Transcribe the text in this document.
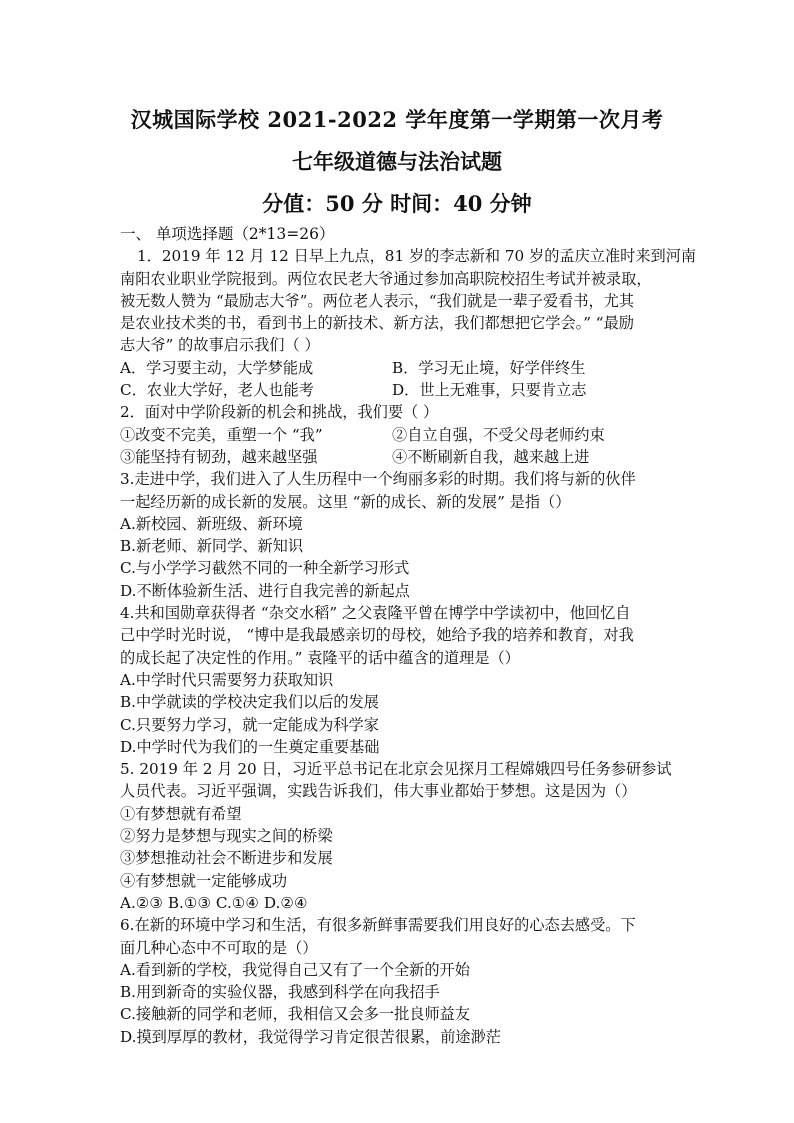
汉城国际学校 2021-2022 学年度第一学期第一次月考
七年级道德与法治试题
分值：50 分 时间：40 分钟
一、 单项选择题（2*13=26）
1．2019 年 12 月 12 日早上九点，81 岁的李志新和 70 岁的孟庆立准时来到河南
南阳农业职业学院报到。两位农民老大爷通过参加高职院校招生考试并被录取，
被无数人赞为 “最励志大爷”。两位老人表示，“我们就是一辈子爱看书，尤其
是农业技术类的书，看到书上的新技术、新方法，我们都想把它学会。” “最励
志大爷” 的故事启示我们（ ）
A．学习要主动，大学梦能成	B．学习无止境，好学伴终生
C．农业大学好，老人也能考	D．世上无难事，只要肯立志
2．面对中学阶段新的机会和挑战，我们要（ ）
①改变不完美，重塑一个 “我”	②自立自强，不受父母老师约束
③能坚持有韧劲，越来越坚强	④不断刷新自我，越来越上进
3.走进中学，我们进入了人生历程中一个绚丽多彩的时期。我们将与新的伙伴
一起经历新的成长新的发展。这里 “新的成长、新的发展” 是指（）
A.新校园、新班级、新环境
B.新老师、新同学、新知识
C.与小学学习截然不同的一种全新学习形式
D.不断体验新生活、进行自我完善的新起点
4.共和国勋章获得者 “杂交水稻” 之父袁隆平曾在博学中学读初中，他回忆自
己中学时光时说， “博中是我最感亲切的母校，她给予我的培养和教育，对我
的成长起了决定性的作用。” 袁隆平的话中蕴含的道理是（）
A.中学时代只需要努力获取知识
B.中学就读的学校决定我们以后的发展
C.只要努力学习，就一定能成为科学家
D.中学时代为我们的一生奠定重要基础
5. 2019 年 2 月 20 日，习近平总书记在北京会见探月工程嫦娥四号任务参研参试
人员代表。习近平强调，实践告诉我们，伟大事业都始于梦想。这是因为（）
①有梦想就有希望
②努力是梦想与现实之间的桥梁
③梦想推动社会不断进步和发展
④有梦想就一定能够成功
A.②③ B.①③ C.①④ D.②④
6.在新的环境中学习和生活，有很多新鲜事需要我们用良好的心态去感受。下
面几种心态中不可取的是（）
A.看到新的学校，我觉得自己又有了一个全新的开始
B.用到新奇的实验仪器，我感到科学在向我招手
C.接触新的同学和老师，我相信又会多一批良师益友
D.摸到厚厚的教材，我觉得学习肯定很苦很累，前途渺茫
